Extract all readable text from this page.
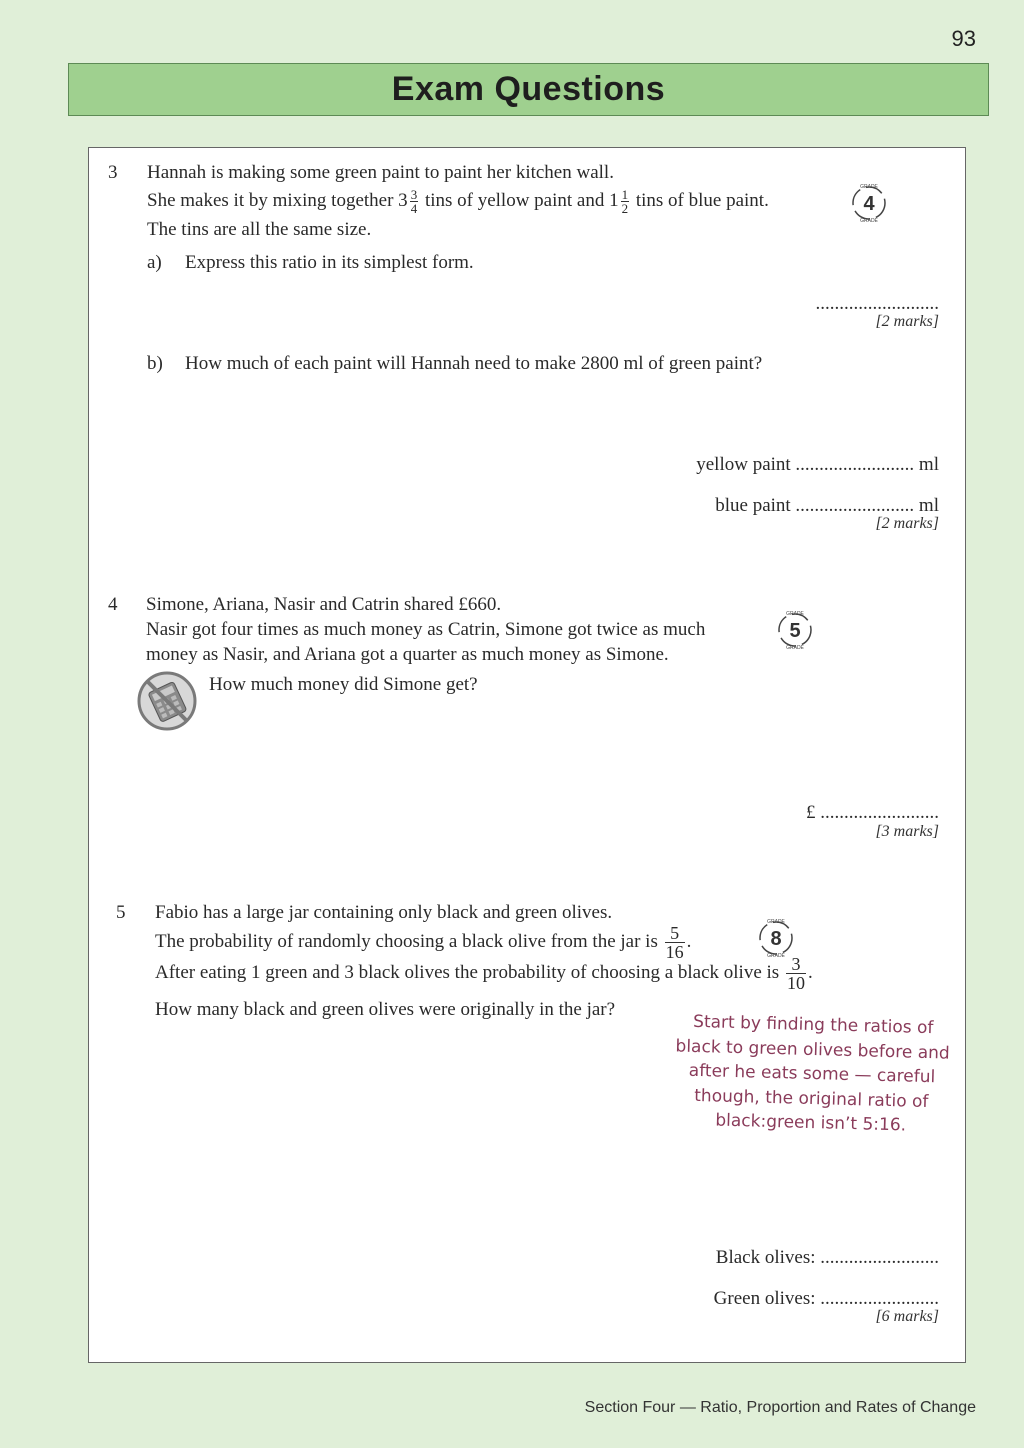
93
Exam Questions
3 Hannah is making some green paint to paint her kitchen wall.
She makes it by mixing together $3 \frac{3}{4}$ tins of yellow paint and $1 \frac{1}{2}$ tins of blue paint.	4
GRADE
GRADE
The tins are all the same size.
a) Express this ratio in its simplest form.
..........................
[2 marks]
b) How much of each paint will Hannah need to make 2800 ml of green paint?
yellow paint ......................... ml
blue paint ......................... ml
[2 marks]
4 Simone, Ariana, Nasir and Catrin shared £660.
Nasir got four times as much money as Catrin, Simone got twice as much	5
GRADE
GRADE
money as Nasir, and Ariana got a quarter as much money as Simone.
How much money did Simone get?
£ .........................
[3 marks]
5 Fabio has a large jar containing only black and green olives.
The probability of randomly choosing a black olive from the jar is $\frac{5}{16}$ .	8
GRADE
GRADE
After eating 1 green and 3 black olives the probability of choosing a black olive is $\frac{3}{10}$ .
How many black and green olives were originally in the jar?
Start by finding the ratios of
black to green olives before and
after he eats some — careful
though, the original ratio of
black:green isn’t 5:16.
Black olives: .........................
Green olives: .........................
[6 marks]
Section Four — Ratio, Proportion and Rates of Change
